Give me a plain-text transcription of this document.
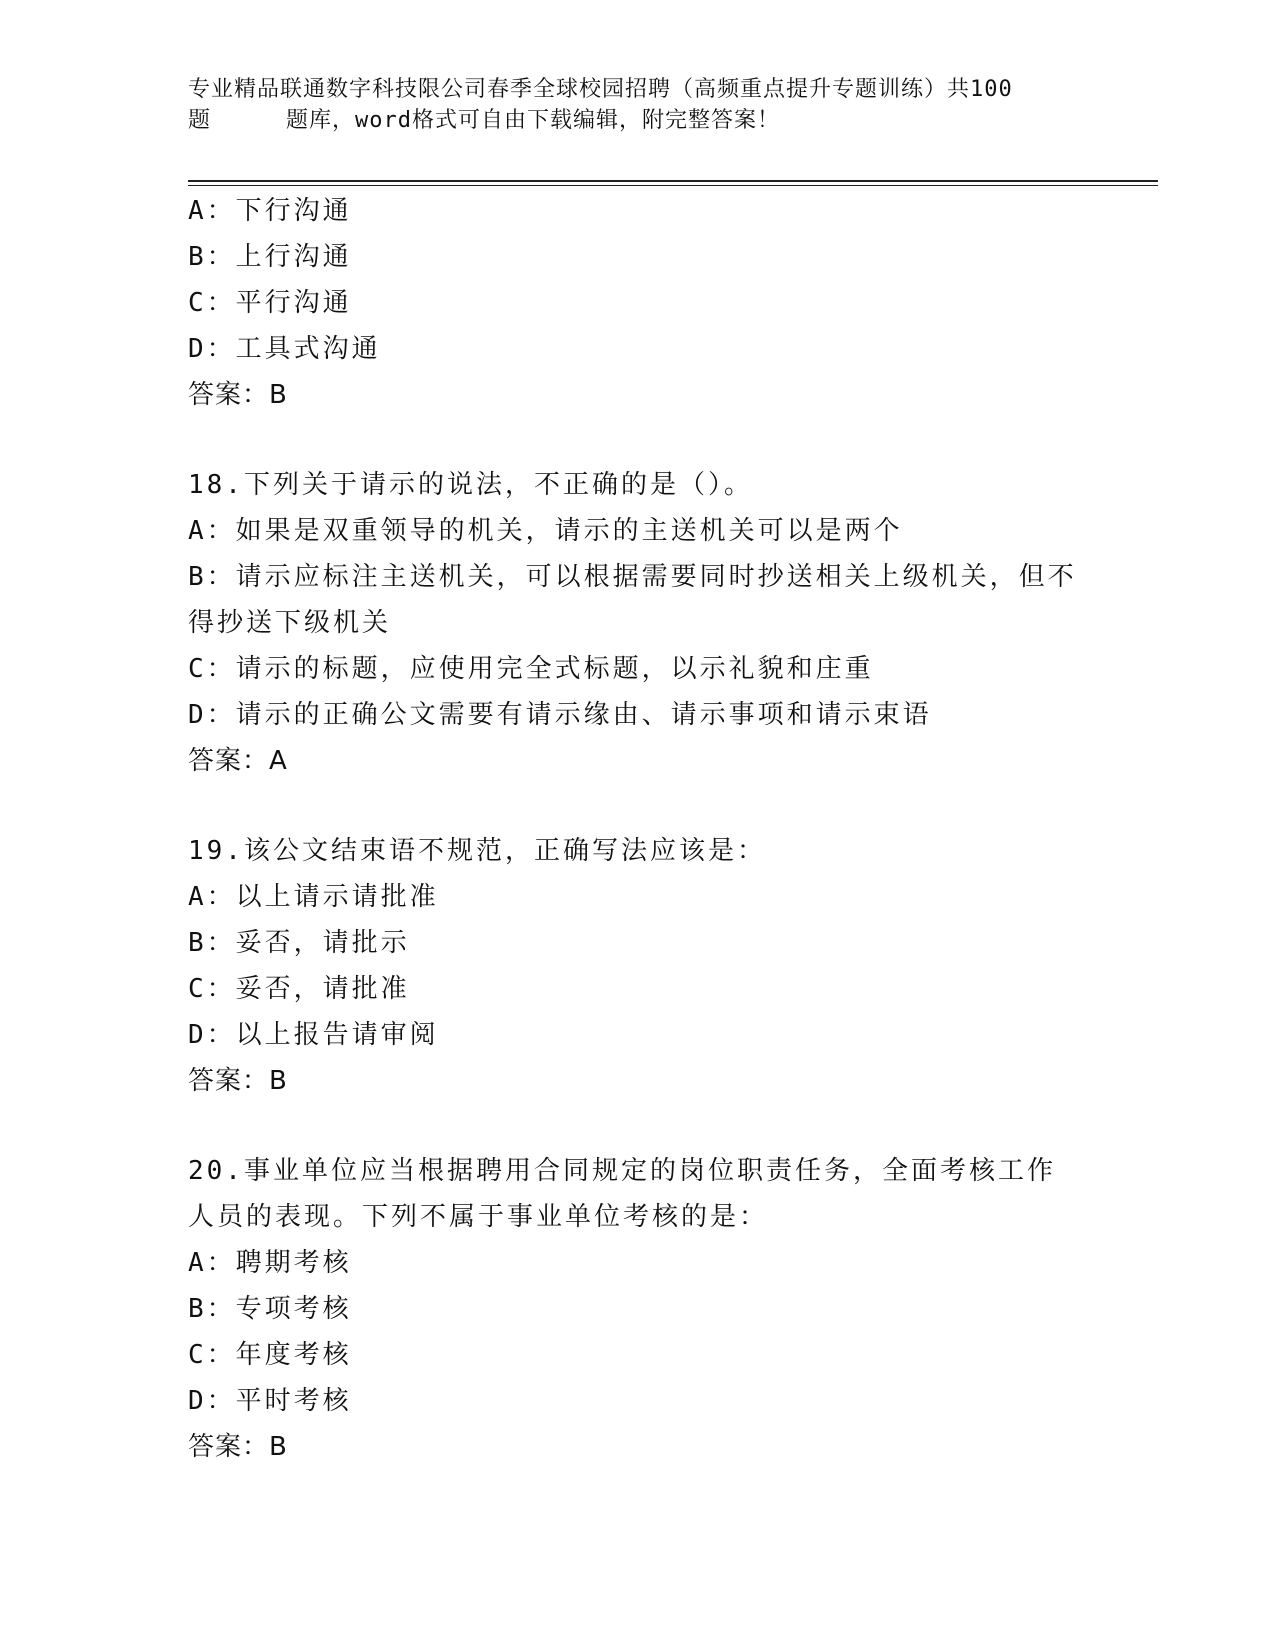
专业精品联通数字科技限公司春季全球校园招聘（高频重点提升专题训练）共100
题	题库，word格式可自由下载编辑，附完整答案！
A：下行沟通
B：上行沟通
C：平行沟通
D：工具式沟通
答案：B
18.下列关于请示的说法，不正确的是（）。
A：如果是双重领导的机关，请示的主送机关可以是两个
B：请示应标注主送机关，可以根据需要同时抄送相关上级机关，但不得抄送下级机关
C：请示的标题，应使用完全式标题，以示礼貌和庄重
D：请示的正确公文需要有请示缘由、请示事项和请示束语
答案：A
19.该公文结束语不规范，正确写法应该是：
A：以上请示请批准
B：妥否，请批示
C：妥否，请批准
D：以上报告请审阅
答案：B
20.事业单位应当根据聘用合同规定的岗位职责任务，全面考核工作人员的表现。下列不属于事业单位考核的是：
A：聘期考核
B：专项考核
C：年度考核
D：平时考核
答案：B
